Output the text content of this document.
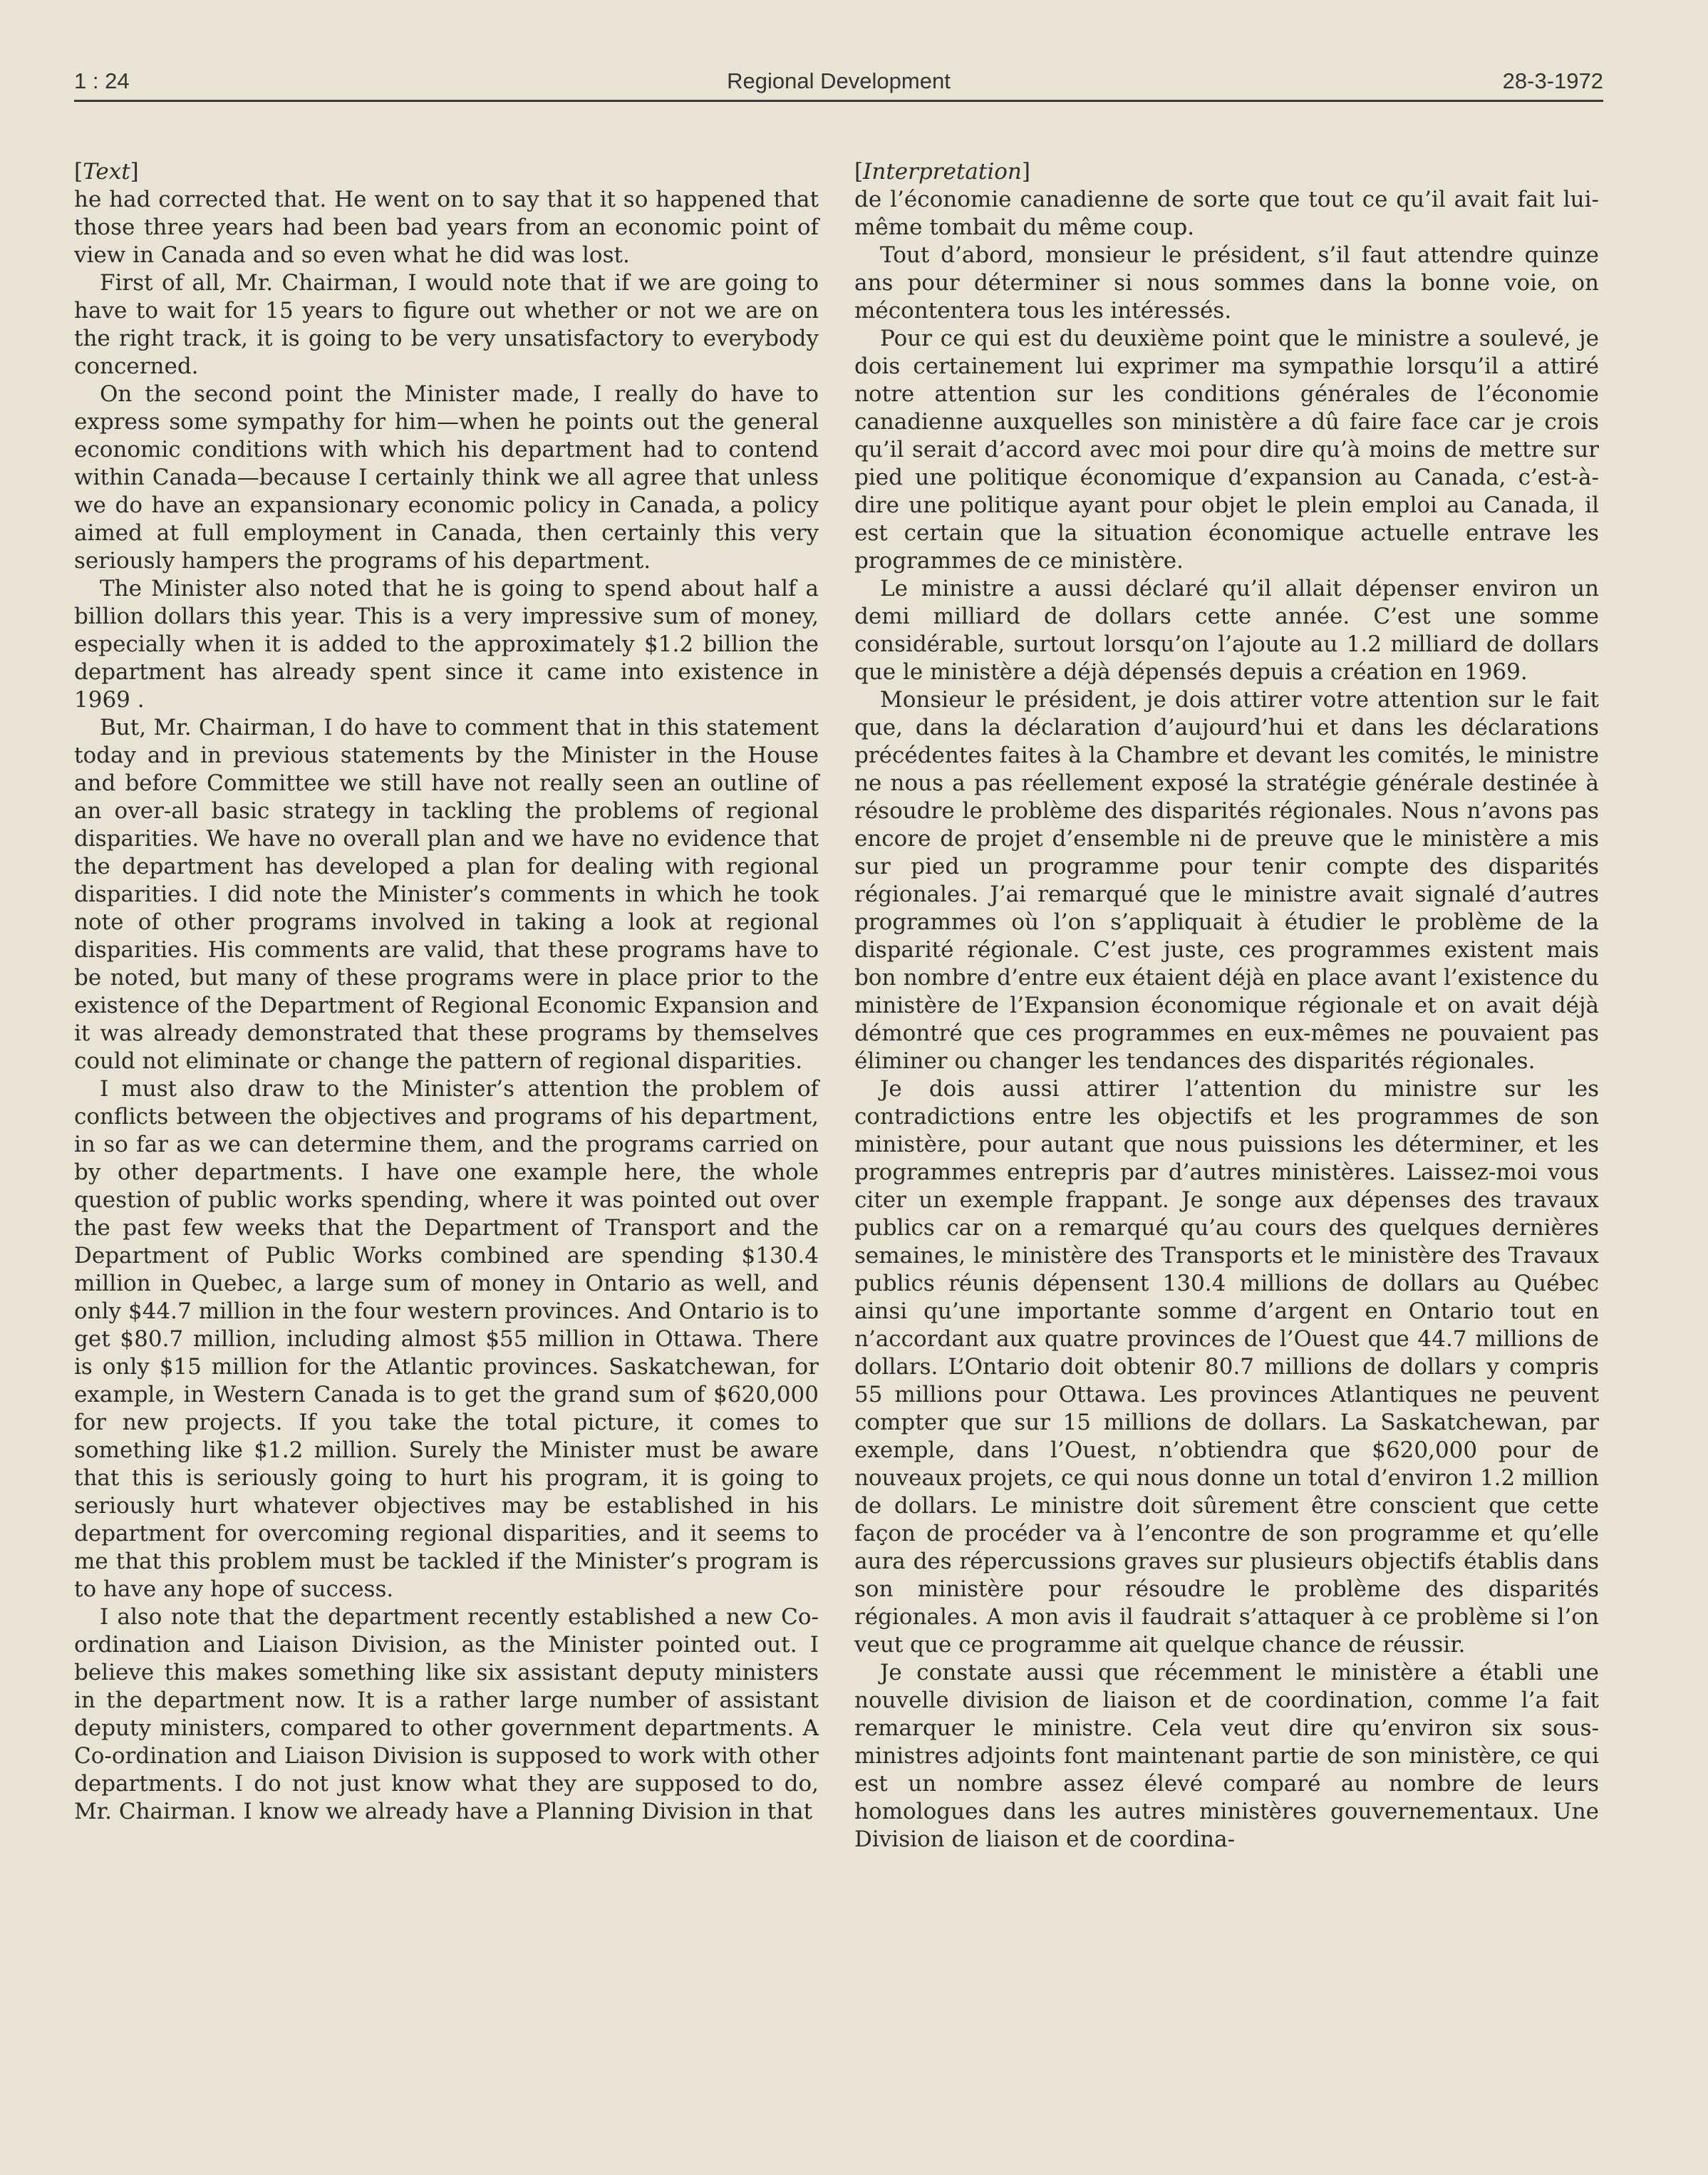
1 : 24	Regional Development	28-3-1972

[Text]

he had corrected that. He went on to say that it so happened that those three years had been bad years from an economic point of view in Canada and so even what he did was lost.

First of all, Mr. Chairman, I would note that if we are going to have to wait for 15 years to figure out whether or not we are on the right track, it is going to be very unsatisfactory to everybody concerned.

On the second point the Minister made, I really do have to express some sympathy for him—when he points out the general economic conditions with which his department had to contend within Canada—because I certainly think we all agree that unless we do have an expansionary economic policy in Canada, a policy aimed at full employment in Canada, then certainly this very seriously hampers the programs of his department.

The Minister also noted that he is going to spend about half a billion dollars this year. This is a very impressive sum of money, especially when it is added to the approximately $1.2 billion the department has already spent since it came into existence in 1969 .

But, Mr. Chairman, I do have to comment that in this statement today and in previous statements by the Minister in the House and before Committee we still have not really seen an outline of an over-all basic strategy in tackling the problems of regional disparities. We have no overall plan and we have no evidence that the department has developed a plan for dealing with regional disparities. I did note the Minister’s comments in which he took note of other programs involved in taking a look at regional disparities. His comments are valid, that these programs have to be noted, but many of these programs were in place prior to the existence of the Department of Regional Economic Expansion and it was already demonstrated that these programs by themselves could not eliminate or change the pattern of regional disparities.

I must also draw to the Minister’s attention the problem of conflicts between the objectives and programs of his department, in so far as we can determine them, and the programs carried on by other departments. I have one example here, the whole question of public works spending, where it was pointed out over the past few weeks that the Department of Transport and the Department of Public Works combined are spending $130.4 million in Quebec, a large sum of money in Ontario as well, and only $44.7 million in the four western provinces. And Ontario is to get $80.7 million, including almost $55 million in Ottawa. There is only $15 million for the Atlantic provinces. Saskatchewan, for example, in Western Canada is to get the grand sum of $620,000 for new projects. If you take the total picture, it comes to something like $1.2 million. Surely the Minister must be aware that this is seriously going to hurt his program, it is going to seriously hurt whatever objectives may be established in his department for overcoming regional disparities, and it seems to me that this problem must be tackled if the Minister’s program is to have any hope of success.

I also note that the department recently established a new Co-ordination and Liaison Division, as the Minister pointed out. I believe this makes something like six assistant deputy ministers in the department now. It is a rather large number of assistant deputy ministers, compared to other government departments. A Co-ordination and Liaison Division is supposed to work with other departments. I do not just know what they are supposed to do, Mr. Chairman. I know we already have a Planning Division in that

[Interpretation]

de l’économie canadienne de sorte que tout ce qu’il avait fait lui-même tombait du même coup.

Tout d’abord, monsieur le président, s’il faut attendre quinze ans pour déterminer si nous sommes dans la bonne voie, on mécontentera tous les intéressés.

Pour ce qui est du deuxième point que le ministre a soulevé, je dois certainement lui exprimer ma sympathie lorsqu’il a attiré notre attention sur les conditions générales de l’économie canadienne auxquelles son ministère a dû faire face car je crois qu’il serait d’accord avec moi pour dire qu’à moins de mettre sur pied une politique économique d’expansion au Canada, c’est-à-dire une politique ayant pour objet le plein emploi au Canada, il est certain que la situation économique actuelle entrave les programmes de ce ministère.

Le ministre a aussi déclaré qu’il allait dépenser environ un demi milliard de dollars cette année. C’est une somme considérable, surtout lorsqu’on l’ajoute au 1.2 milliard de dollars que le ministère a déjà dépensés depuis a création en 1969.

Monsieur le président, je dois attirer votre attention sur le fait que, dans la déclaration d’aujourd’hui et dans les déclarations précédentes faites à la Chambre et devant les comités, le ministre ne nous a pas réellement exposé la stratégie générale destinée à résoudre le problème des disparités régionales. Nous n’avons pas encore de projet d’ensemble ni de preuve que le ministère a mis sur pied un programme pour tenir compte des disparités régionales. J’ai remarqué que le ministre avait signalé d’autres programmes où l’on s’appliquait à étudier le problème de la disparité régionale. C’est juste, ces programmes existent mais bon nombre d’entre eux étaient déjà en place avant l’existence du ministère de l’Expansion économique régionale et on avait déjà démontré que ces programmes en eux-mêmes ne pouvaient pas éliminer ou changer les tendances des disparités régionales.

Je dois aussi attirer l’attention du ministre sur les contradictions entre les objectifs et les programmes de son ministère, pour autant que nous puissions les déterminer, et les programmes entrepris par d’autres ministères. Laissez-moi vous citer un exemple frappant. Je songe aux dépenses des travaux publics car on a remarqué qu’au cours des quelques dernières semaines, le ministère des Transports et le ministère des Travaux publics réunis dépensent 130.4 millions de dollars au Québec ainsi qu’une importante somme d’argent en Ontario tout en n’accordant aux quatre provinces de l’Ouest que 44.7 millions de dollars. L’Ontario doit obtenir 80.7 millions de dollars y compris 55 millions pour Ottawa. Les provinces Atlantiques ne peuvent compter que sur 15 millions de dollars. La Saskatchewan, par exemple, dans l’Ouest, n’obtiendra que $620,000 pour de nouveaux projets, ce qui nous donne un total d’environ 1.2 million de dollars. Le ministre doit sûrement être conscient que cette façon de procéder va à l’encontre de son programme et qu’elle aura des répercussions graves sur plusieurs objectifs établis dans son ministère pour résoudre le problème des disparités régionales. A mon avis il faudrait s’attaquer à ce problème si l’on veut que ce programme ait quelque chance de réussir.

Je constate aussi que récemment le ministère a établi une nouvelle division de liaison et de coordination, comme l’a fait remarquer le ministre. Cela veut dire qu’environ six sous-ministres adjoints font maintenant partie de son ministère, ce qui est un nombre assez élevé comparé au nombre de leurs homologues dans les autres ministères gouvernementaux. Une Division de liaison et de coordina-
